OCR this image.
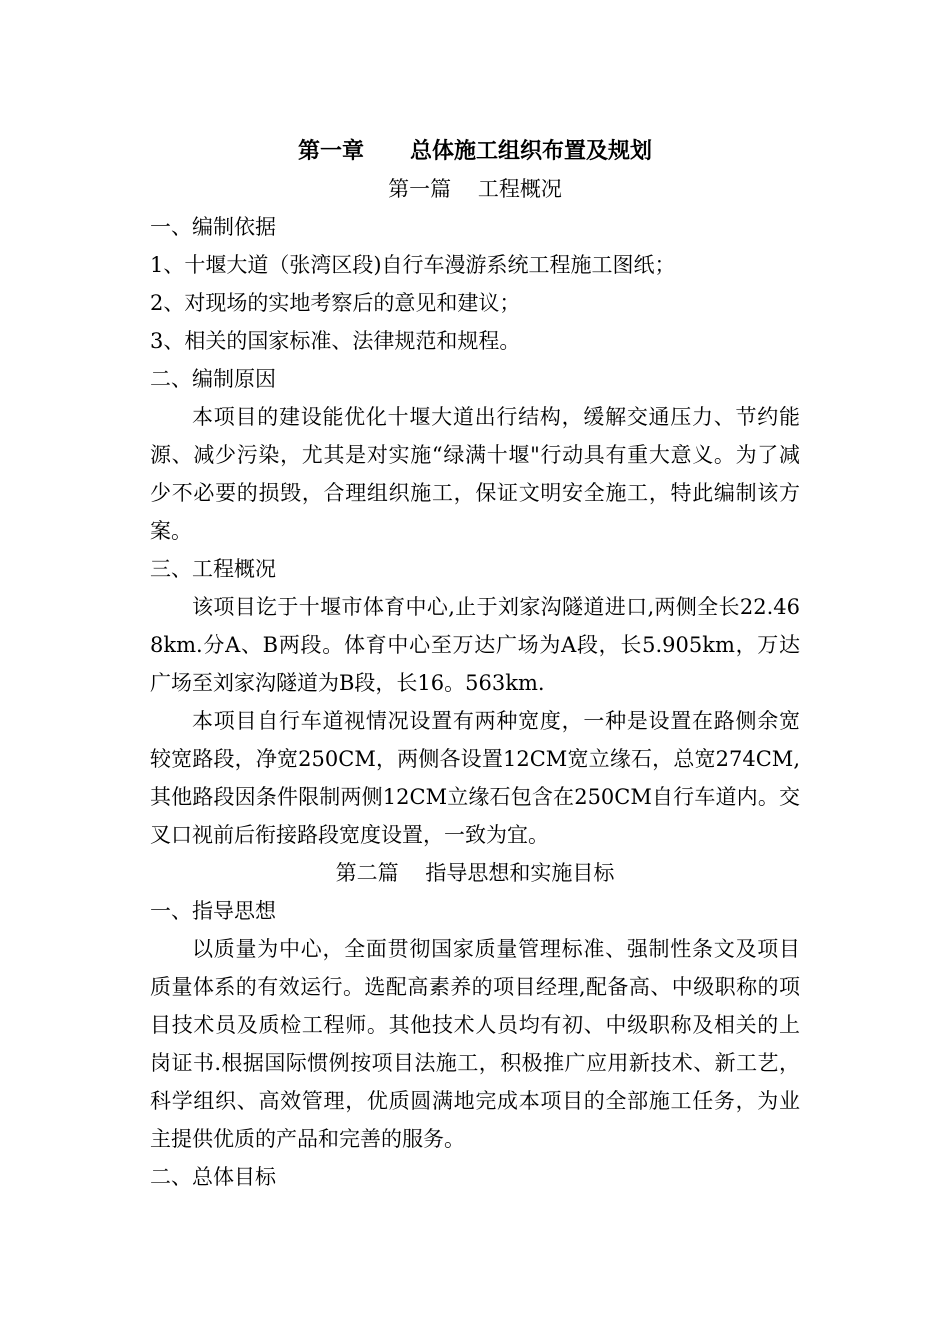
第一章      总体施工组织布置及规划
第一篇    工程概况
一、编制依据
1、十堰大道（张湾区段)自行车漫游系统工程施工图纸；
2、对现场的实地考察后的意见和建议；
3、相关的国家标准、法律规范和规程。
二、编制原因

本项目的建设能优化十堰大道出行结构，缓解交通压力、节约能源、减少污染，尤其是对实施“绿满十堰"行动具有重大意义。为了减少不必要的损毁，合理组织施工，保证文明安全施工，特此编制该方案。

三、工程概况

该项目讫于十堰市体育中心,止于刘家沟隧道进口,两侧全长22.468km.分A、B两段。体育中心至万达广场为A段，长5.905km，万达广场至刘家沟隧道为B段，长16。563km.

本项目自行车道视情况设置有两种宽度，一种是设置在路侧余宽较宽路段，净宽250CM，两侧各设置12CM宽立缘石，总宽274CM,其他路段因条件限制两侧12CM立缘石包含在250CM自行车道内。交叉口视前后衔接路段宽度设置，一致为宜。

第二篇    指导思想和实施目标
一、指导思想

以质量为中心，全面贯彻国家质量管理标准、强制性条文及项目质量体系的有效运行。选配高素养的项目经理,配备高、中级职称的项目技术员及质检工程师。其他技术人员均有初、中级职称及相关的上岗证书.根据国际惯例按项目法施工，积极推广应用新技术、新工艺，科学组织、高效管理，优质圆满地完成本项目的全部施工任务，为业主提供优质的产品和完善的服务。

二、总体目标
